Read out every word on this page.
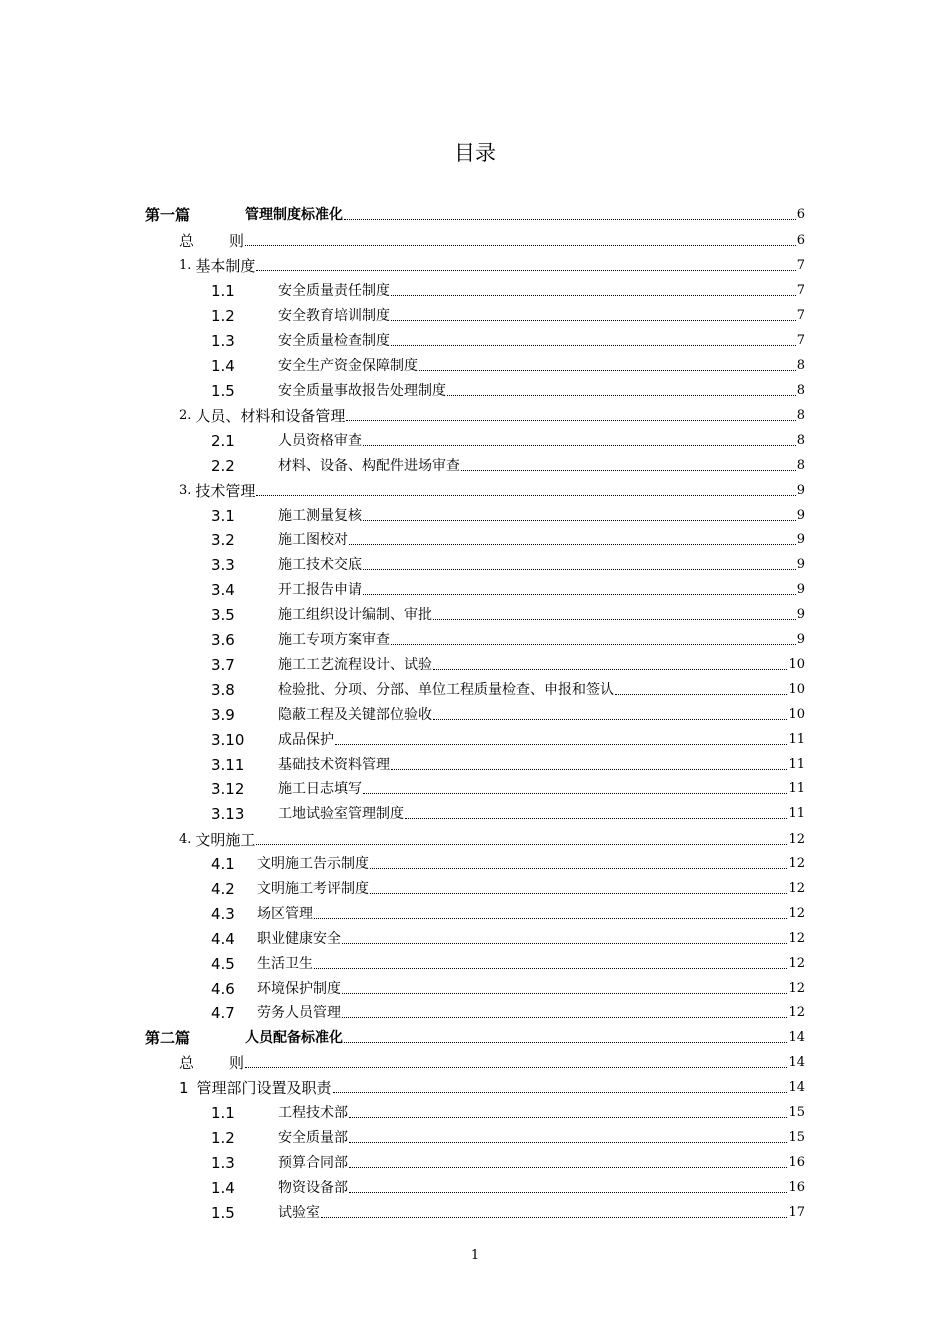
目录
第一篇	管理制度标准化	6
总	则	6
1. 基本制度	7
1.1	安全质量责任制度	7
1.2	安全教育培训制度	7
1.3	安全质量检查制度	7
1.4	安全生产资金保障制度	8
1.5	安全质量事故报告处理制度	8
2. 人员、材料和设备管理	8
2.1	人员资格审查	8
2.2	材料、设备、构配件进场审查	8
3. 技术管理	9
3.1	施工测量复核	9
3.2	施工图校对	9
3.3	施工技术交底	9
3.4	开工报告申请	9
3.5	施工组织设计编制、审批	9
3.6	施工专项方案审查	9
3.7	施工工艺流程设计、试验	10
3.8	检验批、分项、分部、单位工程质量检查、申报和签认	10
3.9	隐蔽工程及关键部位验收	10
3.10	成品保护	11
3.11	基础技术资料管理	11
3.12	施工日志填写	11
3.13	工地试验室管理制度	11
4. 文明施工	12
4.1	文明施工告示制度	12
4.2	文明施工考评制度	12
4.3	场区管理	12
4.4	职业健康安全	12
4.5	生活卫生	12
4.6	环境保护制度	12
4.7	劳务人员管理	12
第二篇	人员配备标准化	14
总	则	14
1 管理部门设置及职责	14
1.1	工程技术部	15
1.2	安全质量部	15
1.3	预算合同部	16
1.4	物资设备部	16
1.5	试验室	17
1
